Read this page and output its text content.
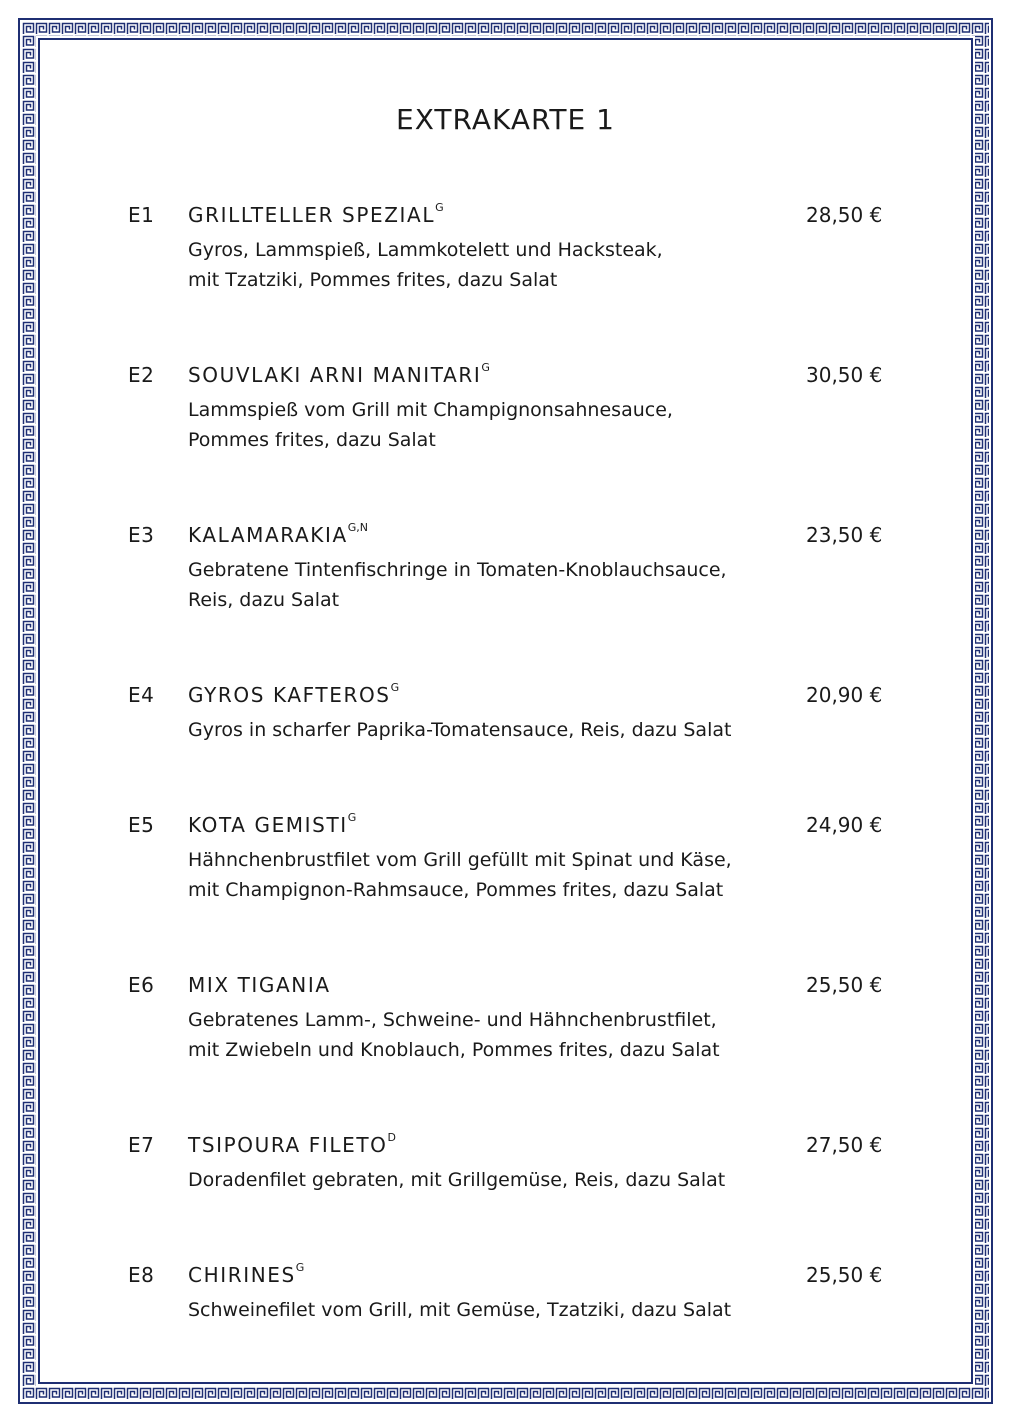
EXTRAKARTE 1
E1 GRILLTELLER $SPEZIAL^G$	28,50 €
Gyros, Lammspieß, Lammkotelett und Hacksteak,
mit Tzatziki, Pommes frites, dazu Salat
E2 SOUVLAKI ARNI $MANITARI^G$	30,50 €
Lammspieß vom Grill mit Champignonsahnesauce,
Pommes frites, dazu Salat
E3 $KALAMARAKIA^{G,N}$	23,50 €
Gebratene Tintenfischringe in Tomaten-Knoblauchsauce,
Reis, dazu Salat
E4 GYROS $KAFTEROS^G$	20,90 €
Gyros in scharfer Paprika-Tomatensauce, Reis, dazu Salat
E5 KOTA $GEMISTI^G$	24,90 €
Hähnchenbrustfilet vom Grill gefüllt mit Spinat und Käse,
mit Champignon-Rahmsauce, Pommes frites, dazu Salat
E6 MIX TIGANIA	25,50 €
Gebratenes Lamm-, Schweine- und Hähnchenbrustfilet,
mit Zwiebeln und Knoblauch, Pommes frites, dazu Salat
E7 TSIPOURA $FILETO^D$	27,50 €
Doradenfilet gebraten, mit Grillgemüse, Reis, dazu Salat
E8 $CHIRINES^G$	25,50 €
Schweinefilet vom Grill, mit Gemüse, Tzatziki, dazu Salat
